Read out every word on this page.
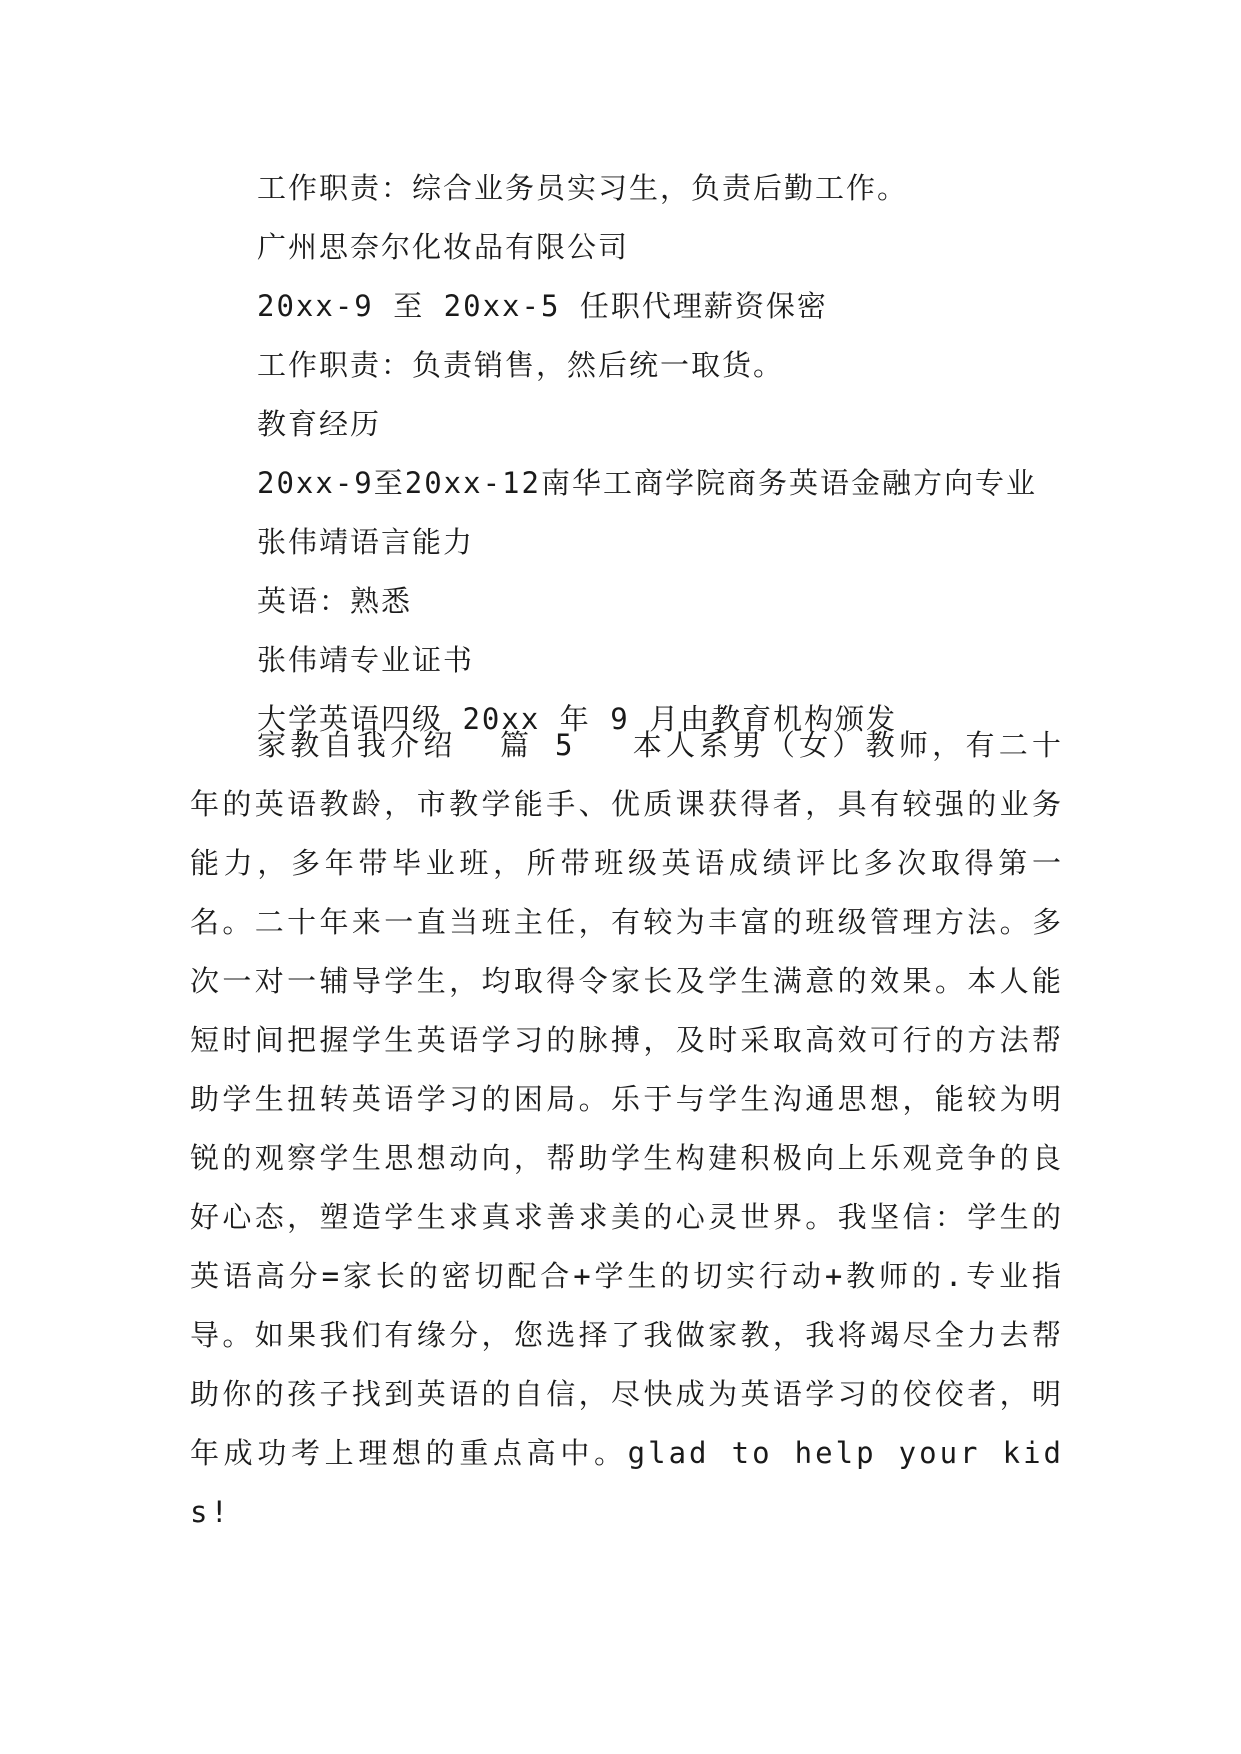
工作职责：综合业务员实习生，负责后勤工作。

广州思奈尔化妆品有限公司

20xx-9 至 20xx-5 任职代理薪资保密

工作职责：负责销售，然后统一取货。

教育经历

20xx-9至20xx-12南华工商学院商务英语金融方向专业

张伟靖语言能力

英语：熟悉

张伟靖专业证书

大学英语四级 20xx 年 9 月由教育机构颁发

家教自我介绍  篇 5 本人系男（女）教师，有二十年的英语教龄，市教学能手、优质课获得者，具有较强的业务能力，多年带毕业班，所带班级英语成绩评比多次取得第一名。二十年来一直当班主任，有较为丰富的班级管理方法。多次一对一辅导学生，均取得令家长及学生满意的效果。本人能短时间把握学生英语学习的脉搏，及时采取高效可行的方法帮助学生扭转英语学习的困局。乐于与学生沟通思想，能较为明锐的观察学生思想动向，帮助学生构建积极向上乐观竞争的良好心态，塑造学生求真求善求美的心灵世界。我坚信：学生的英语高分=家长的密切配合+学生的切实行动+教师的.专业指导。如果我们有缘分，您选择了我做家教，我将竭尽全力去帮助你的孩子找到英语的自信，尽快成为英语学习的佼佼者，明年成功考上理想的重点高中。glad to help your kids!
